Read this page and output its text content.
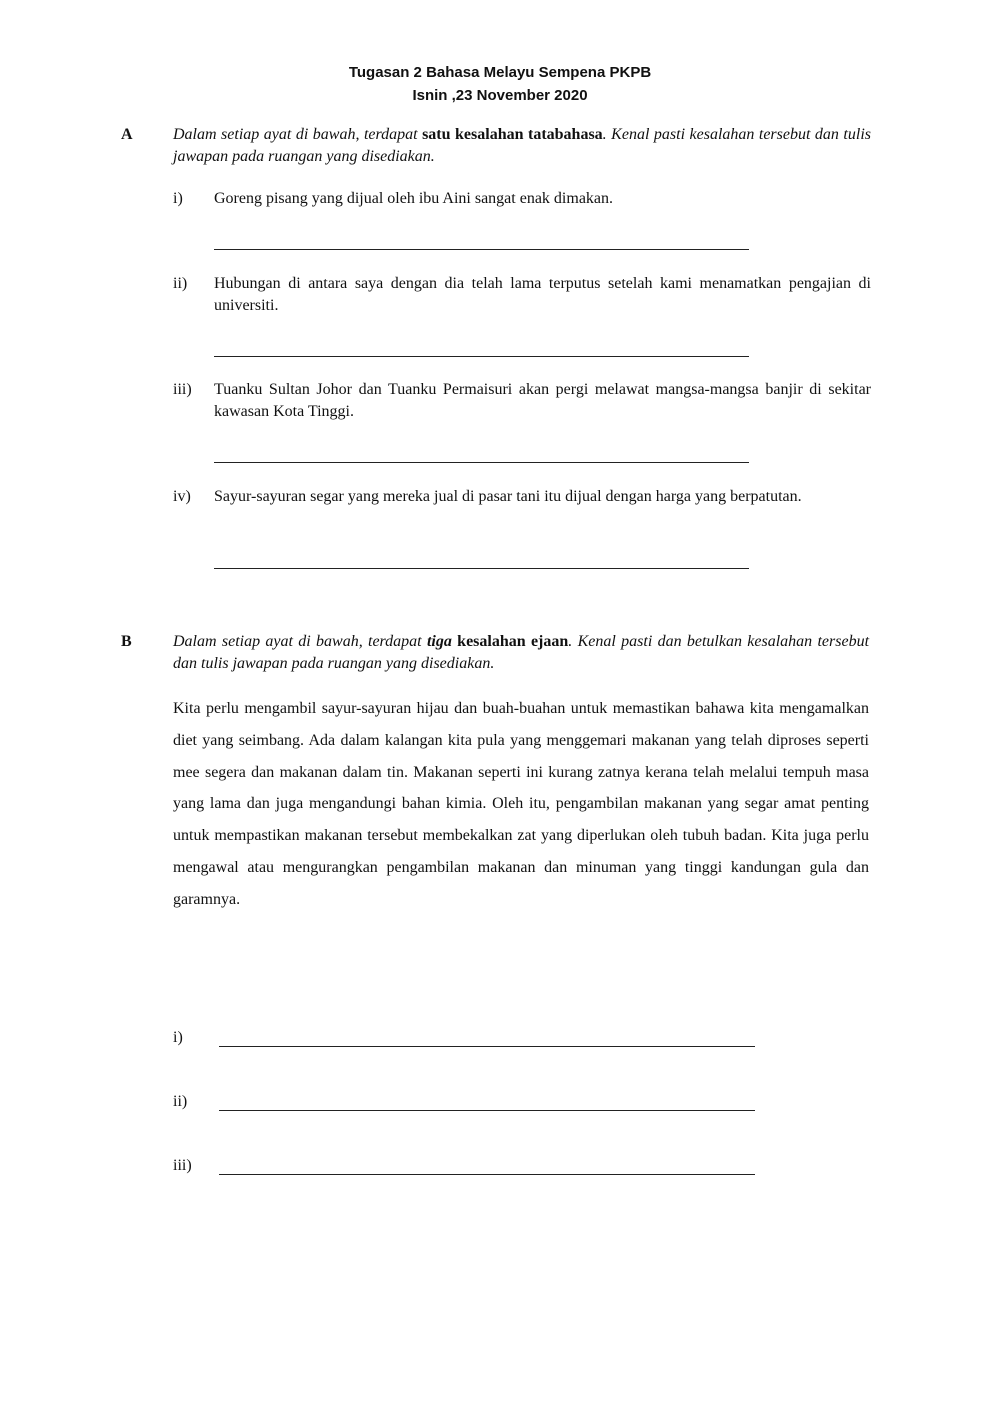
Tugasan 2 Bahasa Melayu Sempena PKPB
Isnin ,23 November 2020
A	Dalam setiap ayat di bawah, terdapat satu kesalahan tatabahasa. Kenal pasti kesalahan tersebut dan tulis jawapan pada ruangan yang disediakan.

i) Goreng pisang yang dijual oleh ibu Aini sangat enak dimakan.

ii) Hubungan di antara saya dengan dia telah lama terputus setelah kami menamatkan pengajian di universiti.

iii) Tuanku Sultan Johor dan Tuanku Permaisuri akan pergi melawat mangsa-mangsa banjir di sekitar kawasan Kota Tinggi.

iv) Sayur-sayuran segar yang mereka jual di pasar tani itu dijual dengan harga yang berpatutan.

B	Dalam setiap ayat di bawah, terdapat tiga kesalahan ejaan. Kenal pasti dan betulkan kesalahan tersebut dan tulis jawapan pada ruangan yang disediakan.

Kita perlu mengambil sayur-sayuran hijau dan buah-buahan untuk memastikan bahawa kita mengamalkan diet yang seimbang. Ada dalam kalangan kita pula yang menggemari makanan yang telah diproses seperti mee segera dan makanan dalam tin. Makanan seperti ini kurang zatnya kerana telah melalui tempuh masa yang lama dan juga mengandungi bahan kimia. Oleh itu, pengambilan makanan yang segar amat penting untuk mempastikan makanan tersebut membekalkan zat yang diperlukan oleh tubuh badan. Kita juga perlu mengawal atau mengurangkan pengambilan makanan dan minuman yang tinggi kandungan gula dan garamnya.

i)
ii)
iii)
